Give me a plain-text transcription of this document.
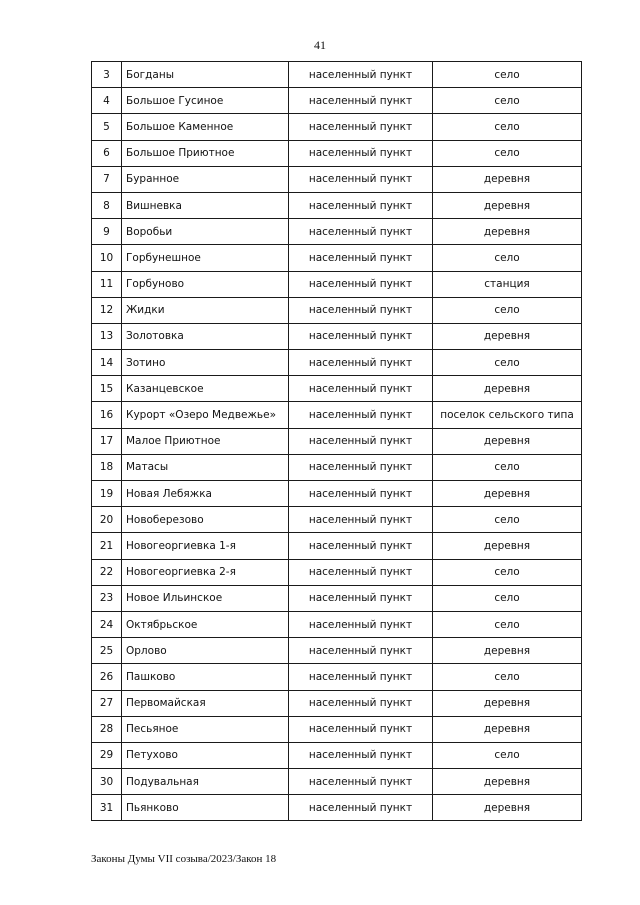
41
3	Богданы	населенный пункт	село
4	Большое Гусиное	населенный пункт	село
5	Большое Каменное	населенный пункт	село
6	Большое Приютное	населенный пункт	село
7	Буранное	населенный пункт	деревня
8	Вишневка	населенный пункт	деревня
9	Воробьи	населенный пункт	деревня
10	Горбунешное	населенный пункт	село
11	Горбуново	населенный пункт	станция
12	Жидки	населенный пункт	село
13	Золотовка	населенный пункт	деревня
14	Зотино	населенный пункт	село
15	Казанцевское	населенный пункт	деревня
16	Курорт «Озеро Медвежье»	населенный пункт	поселок сельского типа
17	Малое Приютное	населенный пункт	деревня
18	Матасы	населенный пункт	село
19	Новая Лебяжка	населенный пункт	деревня
20	Новоберезово	населенный пункт	село
21	Новогеоргиевка 1-я	населенный пункт	деревня
22	Новогеоргиевка 2-я	населенный пункт	село
23	Новое Ильинское	населенный пункт	село
24	Октябрьское	населенный пункт	село
25	Орлово	населенный пункт	деревня
26	Пашково	населенный пункт	село
27	Первомайская	населенный пункт	деревня
28	Песьяное	населенный пункт	деревня
29	Петухово	населенный пункт	село
30	Подувальная	населенный пункт	деревня
31	Пьянково	населенный пункт	деревня
Законы Думы VII созыва/2023/Закон 18
